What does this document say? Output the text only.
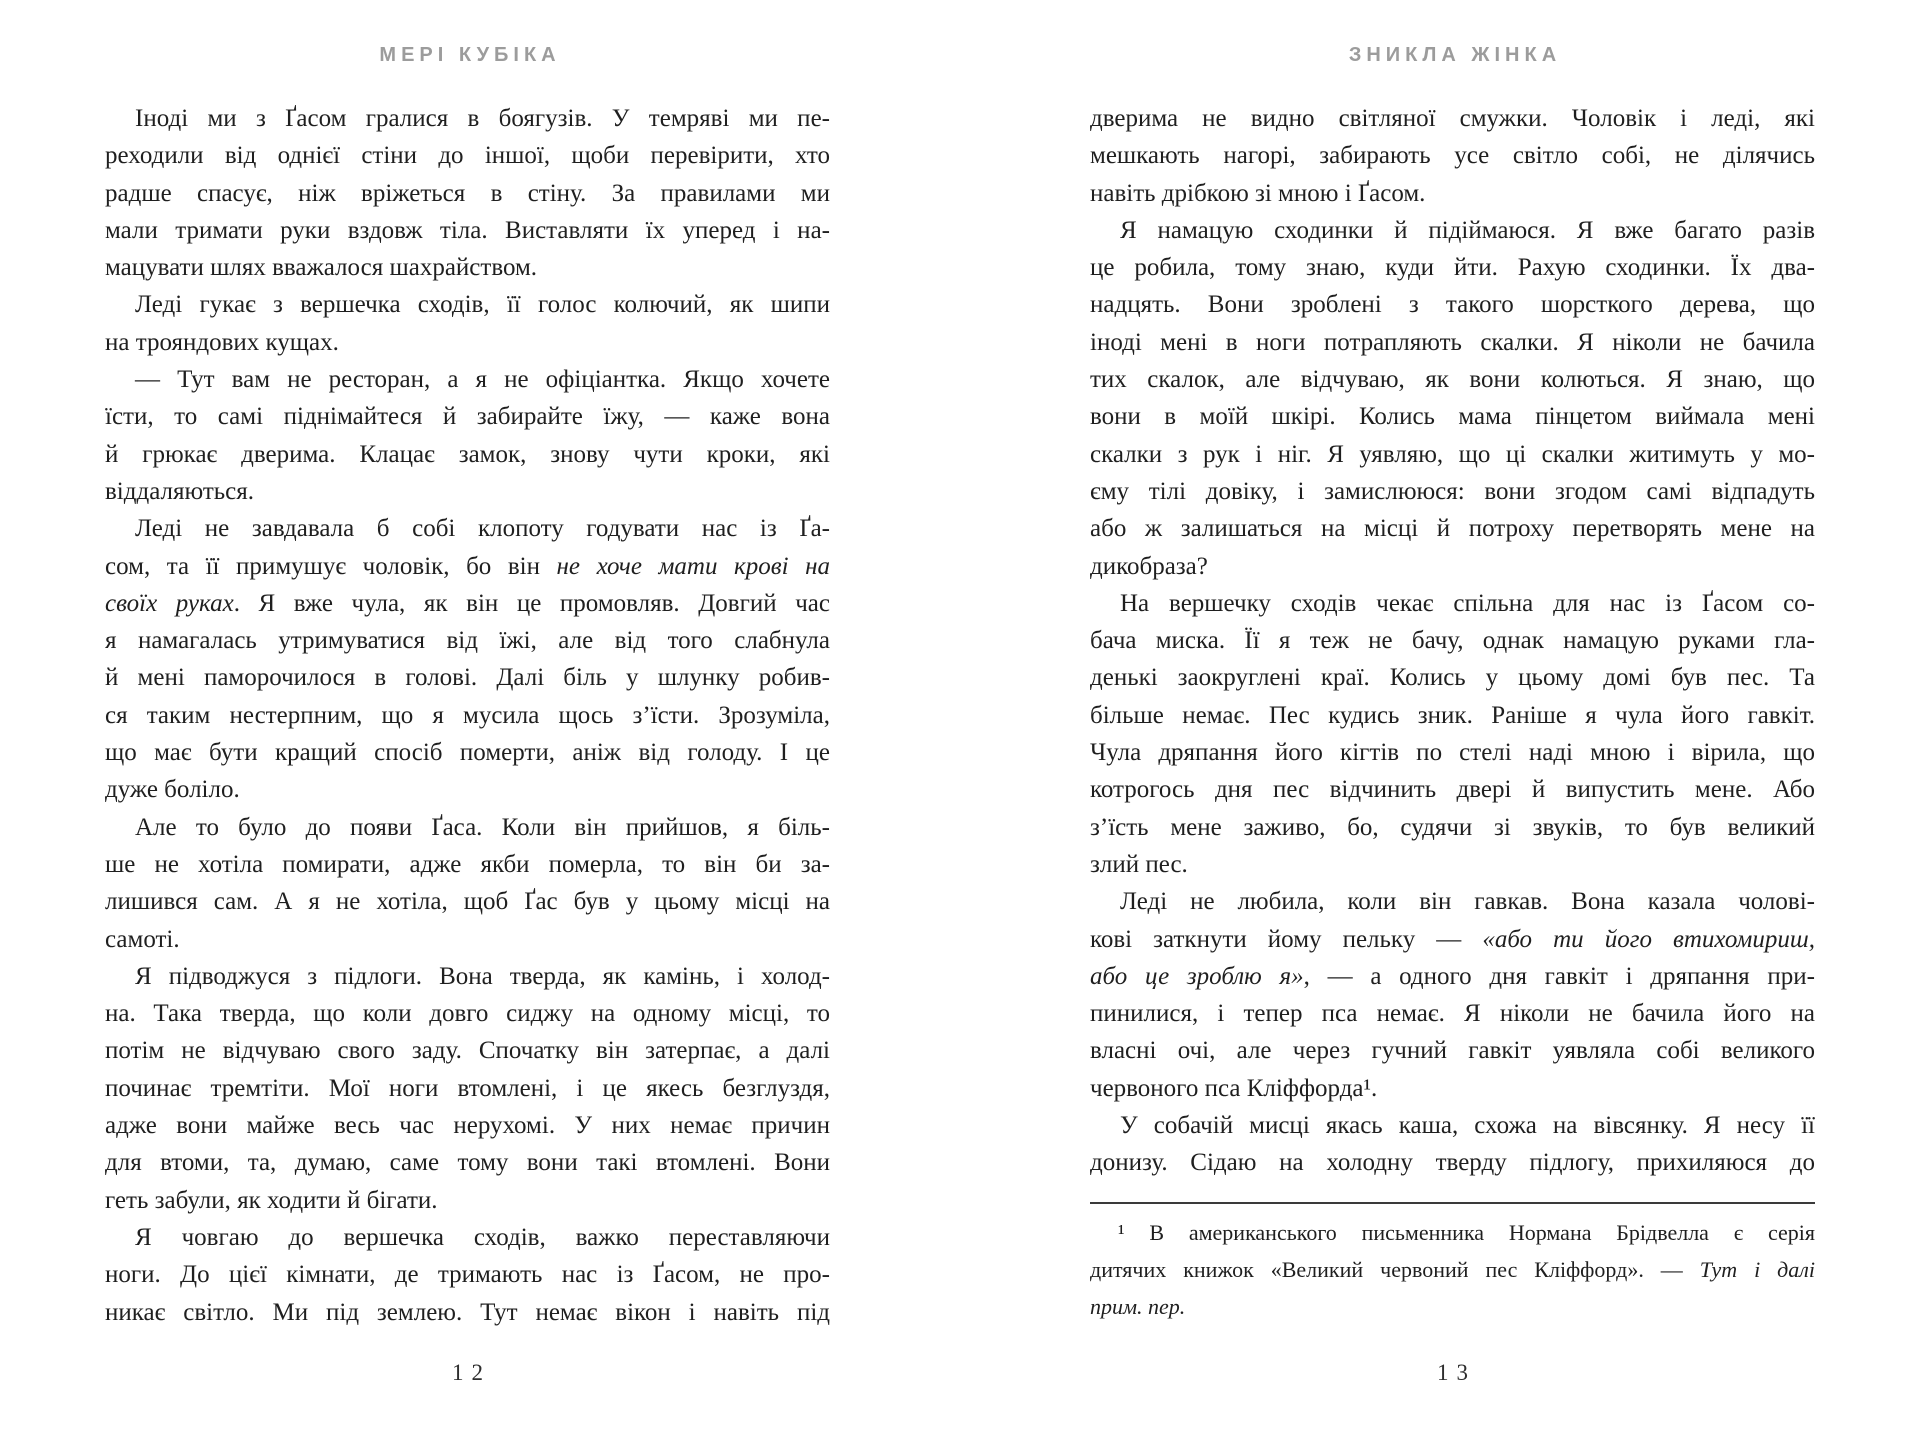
МЕРІ КУБІКА
Іноді ми з Ґасом гралися в боягузів. У темряві ми пе-
реходили від однієї стіни до іншої, щоби перевірити, хто
радше спасує, ніж вріжеться в стіну. За правилами ми
мали тримати руки вздовж тіла. Виставляти їх уперед і на-
мацувати шлях вважалося шахрайством.
Леді гукає з вершечка сходів, її голос колючий, як шипи
на трояндових кущах.
— Тут вам не ресторан, а я не офіціантка. Якщо хочете
їсти, то самі піднімайтеся й забирайте їжу, — каже вона
й грюкає дверима. Клацає замок, знову чути кроки, які
віддаляються.
Леді не завдавала б собі клопоту годувати нас із Ґа-
сом, та її примушує чоловік, бо він не хоче мати крові на
своїх руках. Я вже чула, як він це промовляв. Довгий час
я намагалась утримуватися від їжі, але від того слабнула
й мені паморочилося в голові. Далі біль у шлунку робив-
ся таким нестерпним, що я мусила щось з’їсти. Зрозуміла,
що має бути кращий спосіб померти, аніж від голоду. І це
дуже боліло.
Але то було до появи Ґаса. Коли він прийшов, я біль-
ше не хотіла помирати, адже якби померла, то він би за-
лишився сам. А я не хотіла, щоб Ґас був у цьому місці на
самоті.
Я підводжуся з підлоги. Вона тверда, як камінь, і холод-
на. Така тверда, що коли довго сиджу на одному місці, то
потім не відчуваю свого заду. Спочатку він затерпає, а далі
починає тремтіти. Мої ноги втомлені, і це якесь безглуздя,
адже вони майже весь час нерухомі. У них немає причин
для втоми, та, думаю, саме тому вони такі втомлені. Вони
геть забули, як ходити й бігати.
Я човгаю до вершечка сходів, важко переставляючи
ноги. До цієї кімнати, де тримають нас із Ґасом, не про-
никає світло. Ми під землею. Тут немає вікон і навіть під
12
ЗНИКЛА ЖІНКА
дверима не видно світляної смужки. Чоловік і леді, які
мешкають нагорі, забирають усе світло собі, не ділячись
навіть дрібкою зі мною і Ґасом.
Я намацую сходинки й підіймаюся. Я вже багато разів
це робила, тому знаю, куди йти. Рахую сходинки. Їх два-
надцять. Вони зроблені з такого шорсткого дерева, що
іноді мені в ноги потрапляють скалки. Я ніколи не бачила
тих скалок, але відчуваю, як вони колються. Я знаю, що
вони в моїй шкірі. Колись мама пінцетом виймала мені
скалки з рук і ніг. Я уявляю, що ці скалки житимуть у мо-
єму тілі довіку, і замислююся: вони згодом самі відпадуть
або ж залишаться на місці й потроху перетворять мене на
дикобраза?
На вершечку сходів чекає спільна для нас із Ґасом со-
бача миска. Її я теж не бачу, однак намацую руками гла-
денькі заокруглені краї. Колись у цьому домі був пес. Та
більше немає. Пес кудись зник. Раніше я чула його гавкіт.
Чула дряпання його кігтів по стелі наді мною і вірила, що
котрогось дня пес відчинить двері й випустить мене. Або
з’їсть мене заживо, бо, судячи зі звуків, то був великий
злий пес.
Леді не любила, коли він гавкав. Вона казала чолові-
кові заткнути йому пельку — «або ти його втихомириш,
або це зроблю я», — а одного дня гавкіт і дряпання при-
пинилися, і тепер пса немає. Я ніколи не бачила його на
власні очі, але через гучний гавкіт уявляла собі великого
червоного пса Кліффорда¹.
У собачій мисці якась каша, схожа на вівсянку. Я несу її
донизу. Сідаю на холодну тверду підлогу, прихиляюся до
¹ В американського письменника Нормана Брідвелла є серія
дитячих книжок «Великий червоний пес Кліффорд». — Тут і далі
прим. пер.
13
